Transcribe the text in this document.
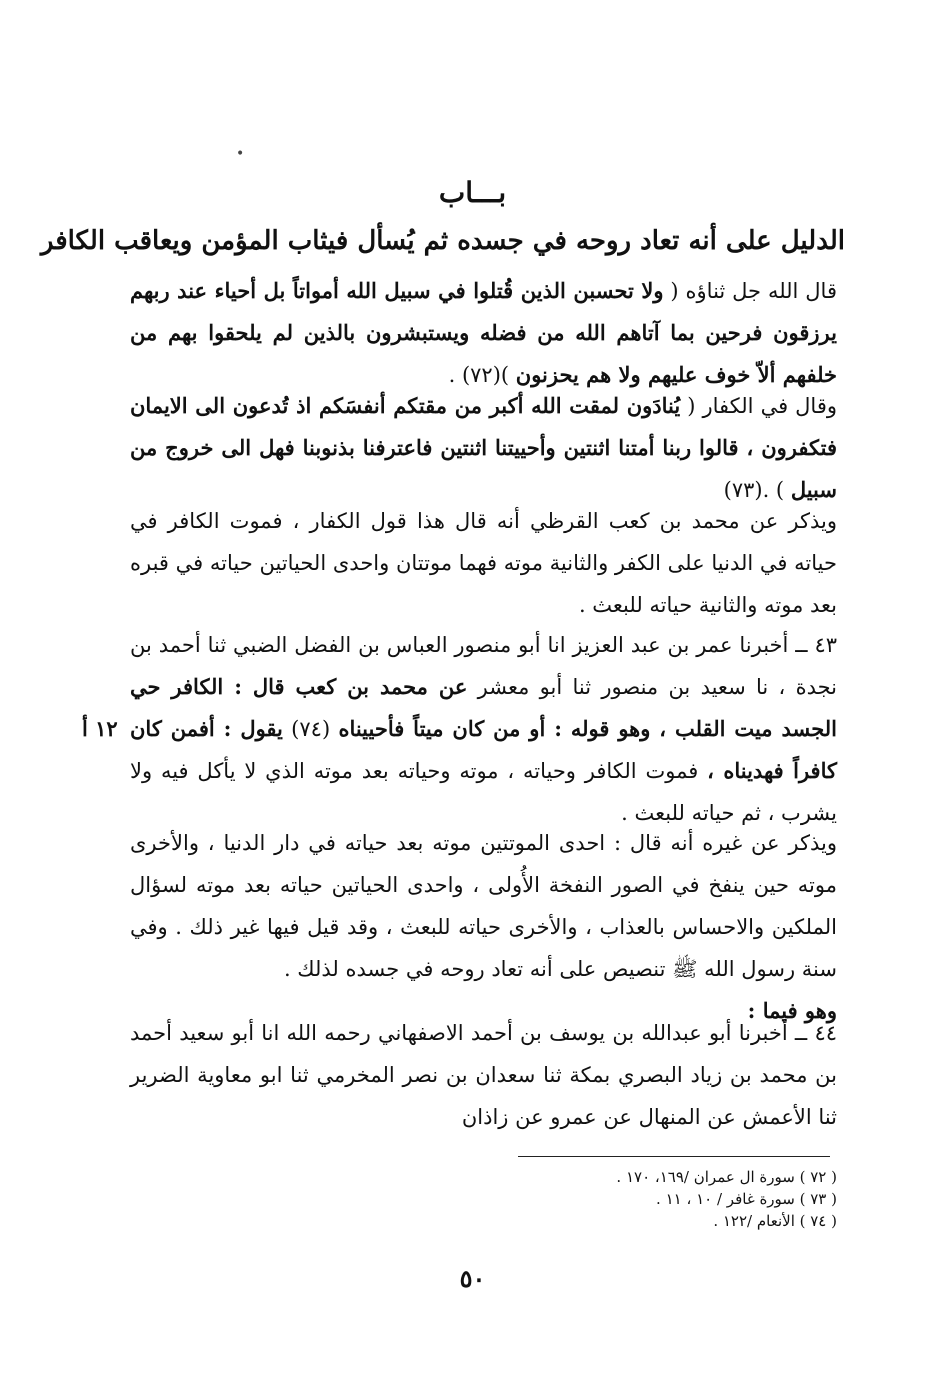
•
بـــاب
الدليل على أنه تعاد روحه في جسده ثم يُسأل فيثاب المؤمن ويعاقب الكافر

قال الله جل ثناؤه ( ولا تحسبن الذين قُتلوا في سبيل الله أمواتاً بل أحياء عند ربهم يرزقون فرحين بما آتاهم الله من فضله ويستبشرون بالذين لم يلحقوا بهم من خلفهم ألاّ خوف عليهم ولا هم يحزنون )(٧٢) .

وقال في الكفار ( يُنادَون لمقت الله أكبر من مقتكم أنفسَكم اذ تُدعون الى الايمان فتكفرون ، قالوا ربنا أمتنا اثنتين وأحييتنا اثنتين فاعترفنا بذنوبنا فهل الى خروج من سبيل ) .(٧٣)

ويذكر عن محمد بن كعب القرظي أنه قال هذا قول الكفار ، فموت الكافر في حياته في الدنيا على الكفر والثانية موته فهما موتتان واحدى الحياتين حياته في قبره بعد موته والثانية حياته للبعث .

٤٣ ــ أخبرنا عمر بن عبد العزيز انا أبو منصور العباس بن الفضل الضبي ثنا أحمد بن نجدة ، نا سعيد بن منصور ثنا أبو معشر عن محمد بن كعب قال : الكافر حي الجسد ميت القلب ، وهو قوله : أو من كان ميتاً فأحييناه (٧٤) يقول : أفمن كان كافراً فهديناه ، فموت الكافر وحياته ، موته وحياته بعد موته الذي لا يأكل فيه ولا يشرب ، ثم حياته للبعث .

١٢ أ

ويذكر عن غيره أنه قال : احدى الموتتين موته بعد حياته في دار الدنيا ، والأخرى موته حين ينفخ في الصور النفخة الأُولى ، واحدى الحياتين حياته بعد موته لسؤال الملكين والاحساس بالعذاب ، والأخرى حياته للبعث ، وقد قيل فيها غير ذلك . وفي سنة رسول الله ﷺ تنصيص على أنه تعاد روحه في جسده لذلك .

وهو فيما :

٤٤ ــ أخبرنا أبو عبدالله بن يوسف بن أحمد الاصفهاني رحمه الله انا أبو سعيد أحمد بن محمد بن زياد البصري بمكة ثنا سعدان بن نصر المخرمي ثنا ابو معاوية الضرير ثنا الأعمش عن المنهال عن عمرو عن زاذان

( ٧٢ ) سورة ال عمران /١٦٩، ١٧٠ .
( ٧٣ ) سورة غافر / ١٠ ، ١١ .
( ٧٤ ) الأنعام /١٢٢ .
٥٠
